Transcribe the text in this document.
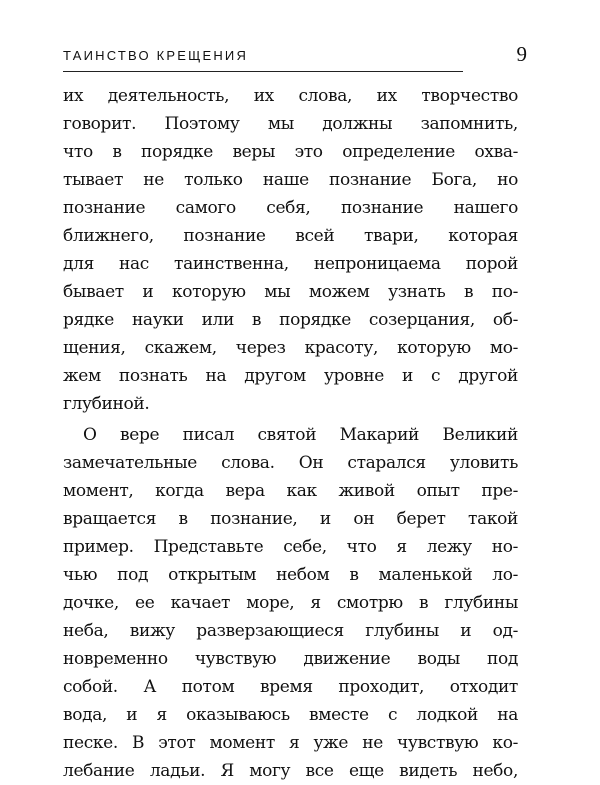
ТАИНСТВО КРЕЩЕНИЯ	9
их деятельность, их слова, их творчество
говорит. Поэтому мы должны запомнить,
что в порядке веры это определение охва-
тывает не только наше познание Бога, но
познание самого себя, познание нашего
ближнего, познание всей твари, которая
для нас таинственна, непроницаема порой
бывает и которую мы можем узнать в по-
рядке науки или в порядке созерцания, об-
щения, скажем, через красоту, которую мо-
жем познать на другом уровне и с другой
глубиной.
О вере писал святой Макарий Великий
замечательные слова. Он старался уловить
момент, когда вера как живой опыт пре-
вращается в познание, и он берет такой
пример. Представьте себе, что я лежу но-
чью под открытым небом в маленькой ло-
дочке, ее качает море, я смотрю в глубины
неба, вижу разверзающиеся глубины и од-
новременно чувствую движение воды под
собой. А потом время проходит, отходит
вода, и я оказываюсь вместе с лодкой на
песке. В этот момент я уже не чувствую ко-
лебание ладьи. Я могу все еще видеть небо,
